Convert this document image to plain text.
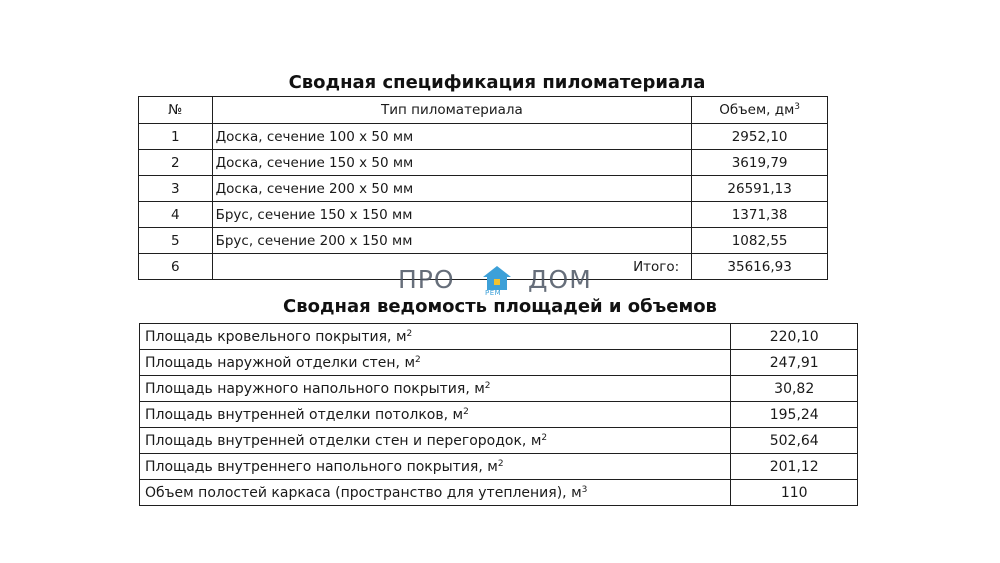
Сводная спецификация пиломатериала
№	Тип пиломатериала	Объем, $дм^3$
1	Доска, сечение 100 х 50 мм	2952,10
2	Доска, сечение 150 х 50 мм	3619,79
3	Доска, сечение 200 х 50 мм	26591,13
4	Брус, сечение 150 х 150 мм	1371,38
5	Брус, сечение 200 х 150 мм	1082,55
6	Итого:	35616,93
ПРО	ДОМ
РЕМ
Сводная ведомость площадей и объемов
Площадь кровельного покрытия, $м^2$	220,10
Площадь наружной отделки стен, $м^2$	247,91
Площадь наружного напольного покрытия, $м^2$	30,82
Площадь внутренней отделки потолков, $м^2$	195,24
Площадь внутренней отделки стен и перегородок, $м^2$	502,64
Площадь внутреннего напольного покрытия, $м^2$	201,12
Объем полостей каркаса (пространство для утепления), $м^3$	110
